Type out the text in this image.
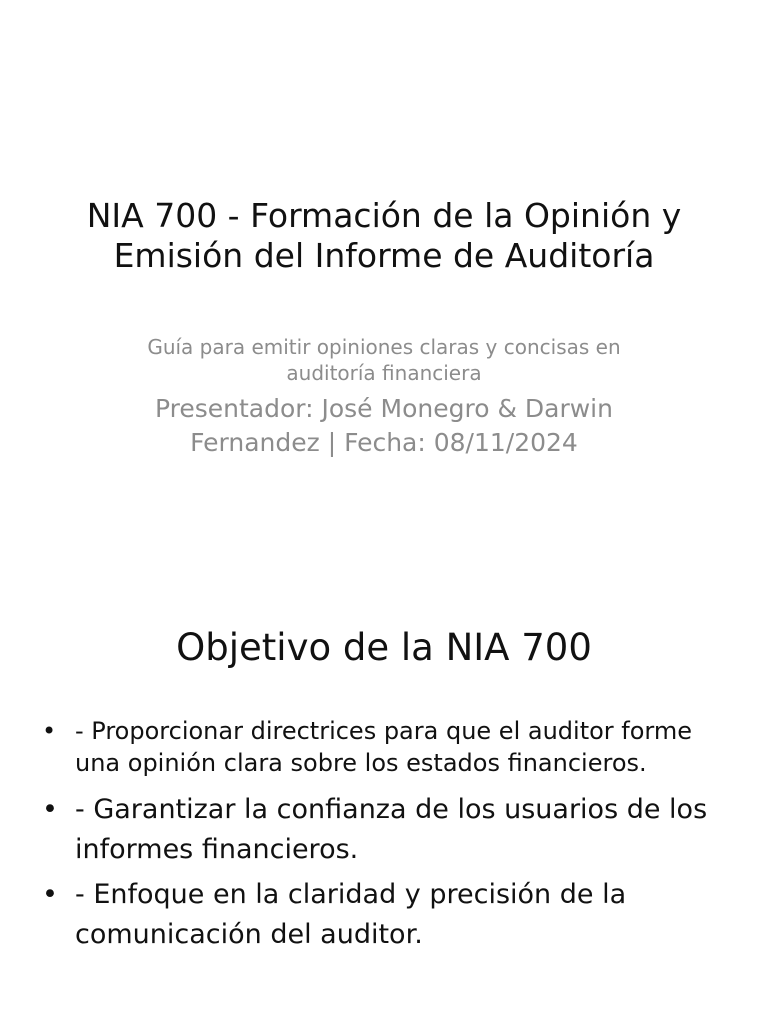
NIA 700 - Formación de la Opinión y Emisión del Informe de Auditoría
Guía para emitir opiniones claras y concisas en auditoría financiera
Presentador: José Monegro & Darwin Fernandez | Fecha: 08/11/2024
Objetivo de la NIA 700
• - Proporcionar directrices para que el auditor forme una opinión clara sobre los estados financieros.
• - Garantizar la confianza de los usuarios de los informes financieros.
• - Enfoque en la claridad y precisión de la comunicación del auditor.
